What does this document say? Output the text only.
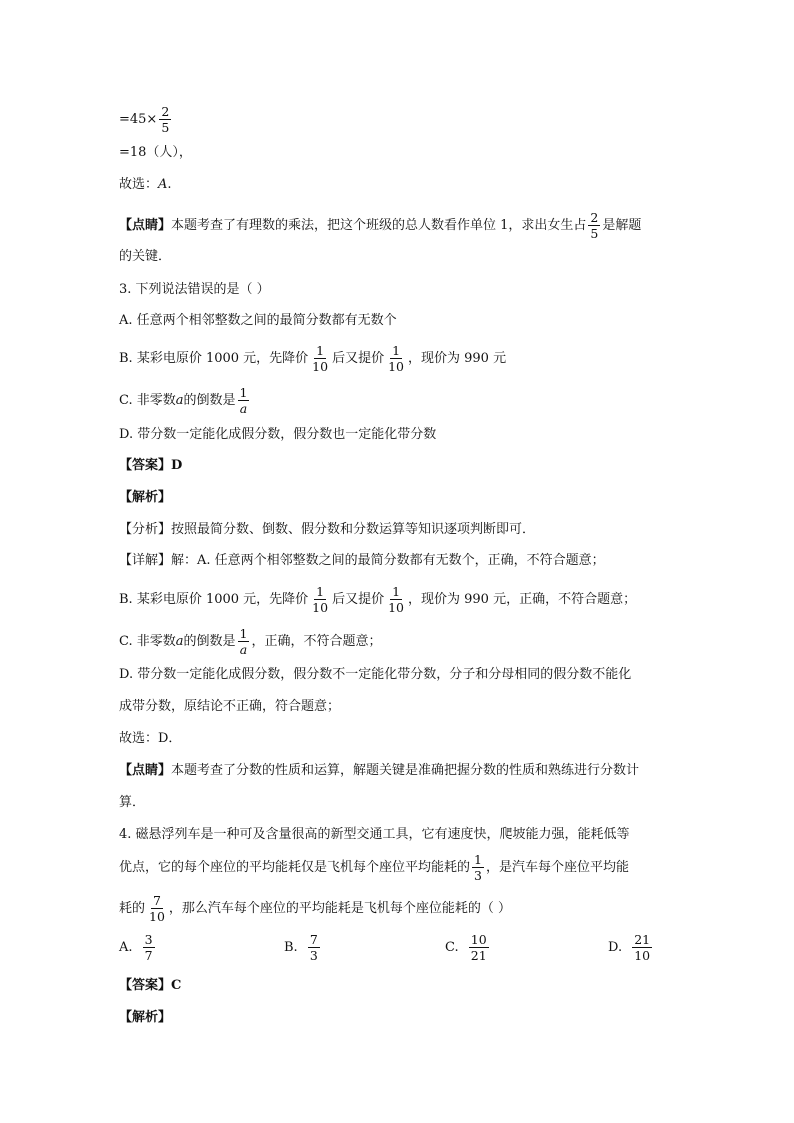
$=45\times \frac{2}{5}$
=18（人），
故选：A.
【点睛】本题考查了有理数的乘法，把这个班级的总人数看作单位 1，求出女生占 $\frac{2}{5}$ 是解题
的关键．
3. 下列说法错误的是（ ）
A. 任意两个相邻整数之间的最简分数都有无数个
B. 某彩电原价 1000 元，先降价 $\frac{1}{10}$ 后又提价 $\frac{1}{10}$ ，现价为 990 元
C. 非零数a的倒数是 $\frac{1}{a}$
D. 带分数一定能化成假分数，假分数也一定能化带分数
【答案】D
【解析】
【分析】按照最简分数、倒数、假分数和分数运算等知识逐项判断即可．
【详解】解：A. 任意两个相邻整数之间的最简分数都有无数个，正确，不符合题意；
B. 某彩电原价 1000 元，先降价 $\frac{1}{10}$ 后又提价 $\frac{1}{10}$ ，现价为 990 元，正确，不符合题意；
C. 非零数a的倒数是 $\frac{1}{a}$ ，正确，不符合题意；
D. 带分数一定能化成假分数，假分数不一定能化带分数，分子和分母相同的假分数不能化
成带分数，原结论不正确，符合题意；
故选：D．
【点睛】本题考查了分数的性质和运算，解题关键是准确把握分数的性质和熟练进行分数计
算．
4. 磁悬浮列车是一种可及含量很高的新型交通工具，它有速度快，爬坡能力强，能耗低等
优点，它的每个座位的平均能耗仅是飞机每个座位平均能耗的 $\frac{1}{3}$ ，是汽车每个座位平均能
耗的 $\frac{7}{10}$ ，那么汽车每个座位的平均能耗是飞机每个座位能耗的（ ）
A. $\frac{3}{7}$	B. $\frac{7}{3}$	C. $\frac{10}{21}$	D. $\frac{21}{10}$
【答案】C
【解析】
